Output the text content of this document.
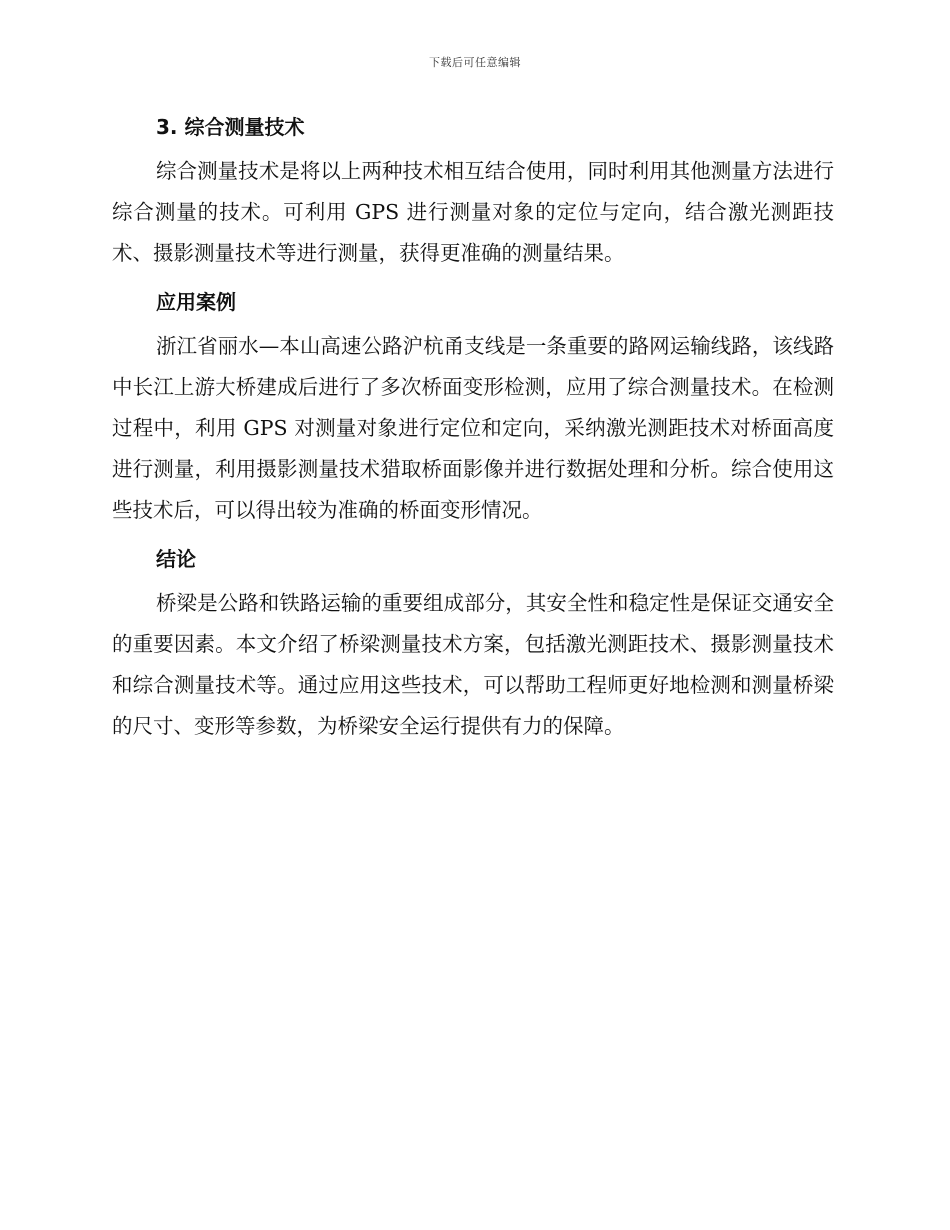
下载后可任意编辑
3. 综合测量技术

综合测量技术是将以上两种技术相互结合使用，同时利用其他测量方法进行综合测量的技术。可利用 GPS 进行测量对象的定位与定向，结合激光测距技术、摄影测量技术等进行测量，获得更准确的测量结果。

应用案例

浙江省丽水—本山高速公路沪杭甬支线是一条重要的路网运输线路，该线路中长江上游大桥建成后进行了多次桥面变形检测，应用了综合测量技术。在检测过程中，利用 GPS 对测量对象进行定位和定向，采纳激光测距技术对桥面高度进行测量，利用摄影测量技术猎取桥面影像并进行数据处理和分析。综合使用这些技术后，可以得出较为准确的桥面变形情况。

结论

桥梁是公路和铁路运输的重要组成部分，其安全性和稳定性是保证交通安全的重要因素。本文介绍了桥梁测量技术方案，包括激光测距技术、摄影测量技术和综合测量技术等。通过应用这些技术，可以帮助工程师更好地检测和测量桥梁的尺寸、变形等参数，为桥梁安全运行提供有力的保障。
